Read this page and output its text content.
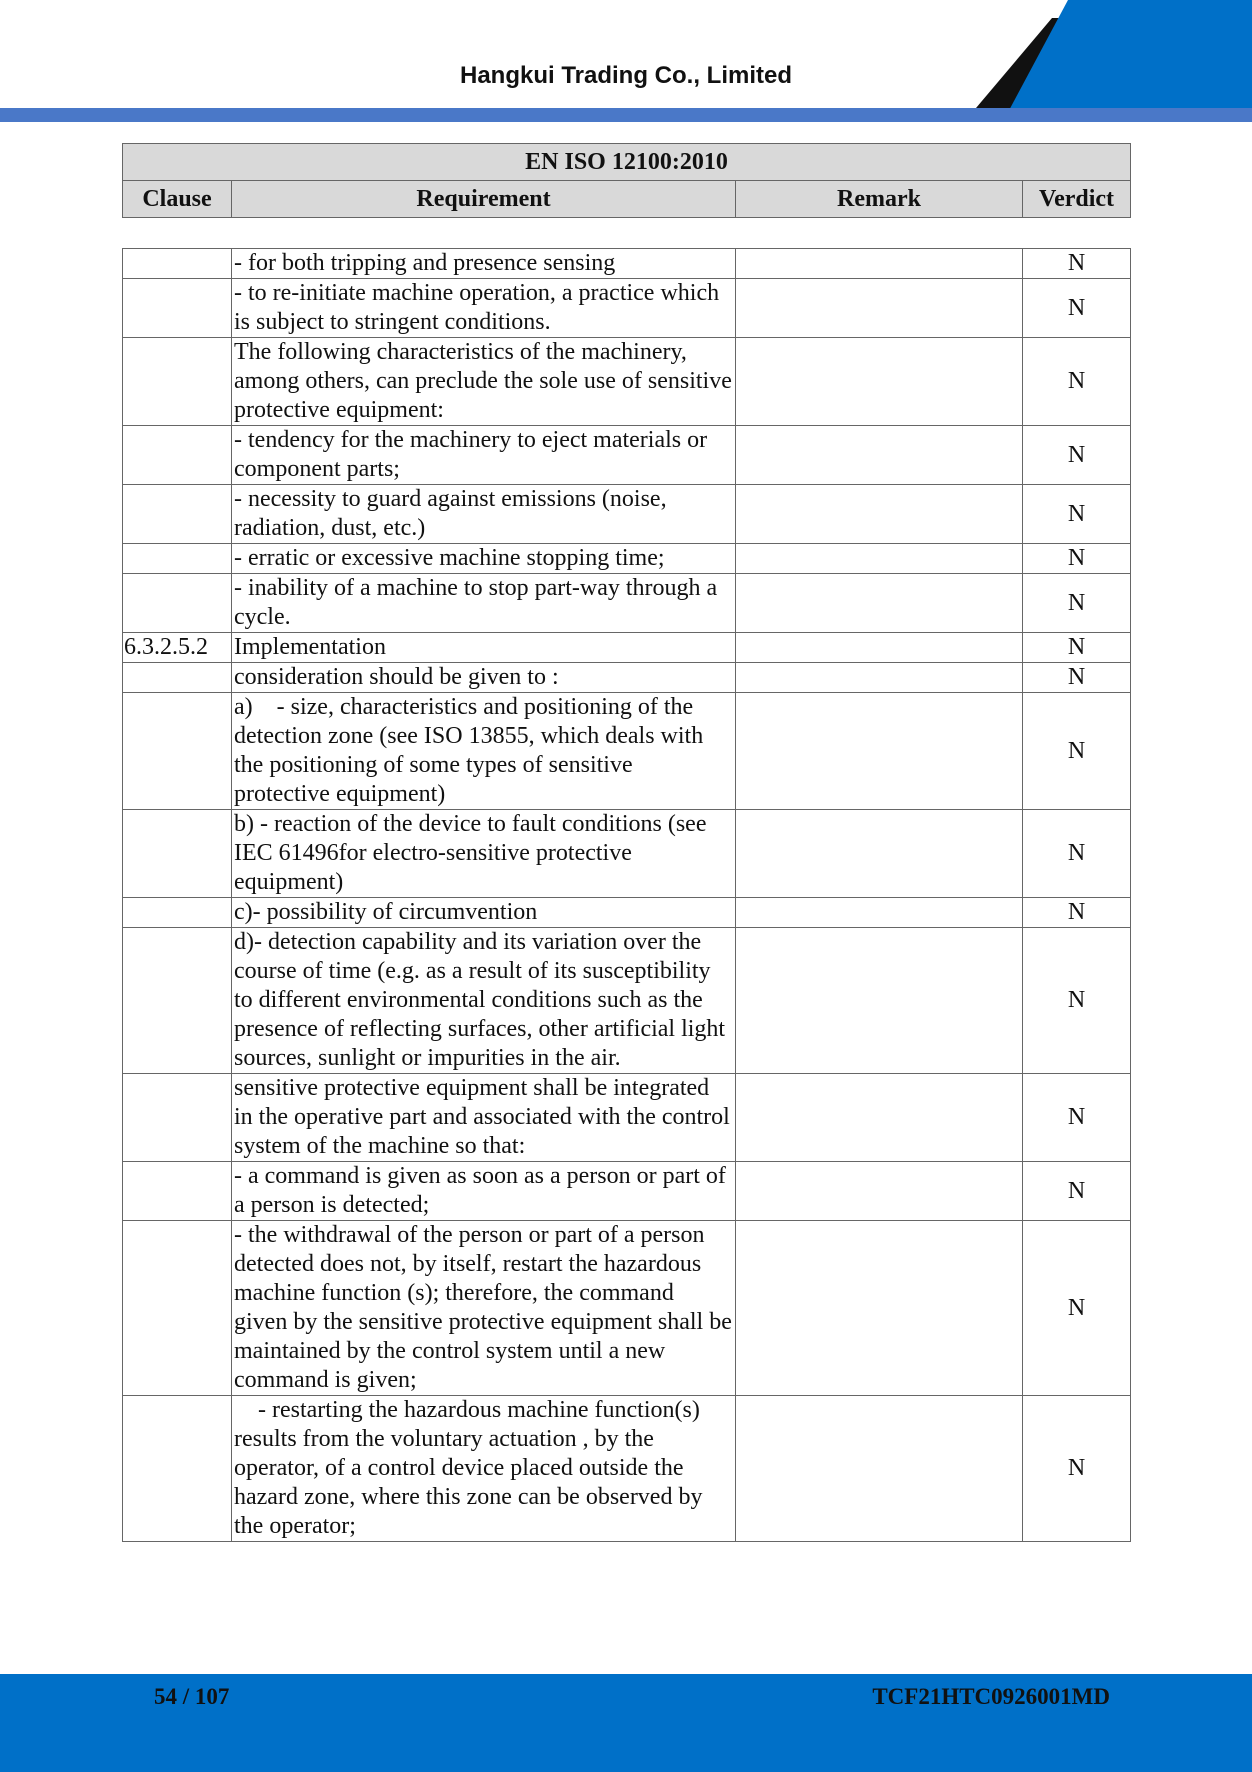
Hangkui Trading Co., Limited
EN ISO 12100:2010
Clause	Requirement	Remark	Verdict
	- for both tripping and presence sensing		N
	- to re-initiate machine operation, a practice which is subject to stringent conditions.		N
	The following characteristics of the machinery, among others, can preclude the sole use of sensitive protective equipment:		N
	- tendency for the machinery to eject materials or component parts;		N
	- necessity to guard against emissions (noise, radiation, dust, etc.)		N
	- erratic or excessive machine stopping time;		N
	- inability of a machine to stop part-way through a cycle.		N
6.3.2.5.2	Implementation		N
	consideration should be given to :		N
	a)    - size, characteristics and positioning of the detection zone (see ISO 13855, which deals with the positioning of some types of sensitive protective equipment)		N
	b) - reaction of the device to fault conditions (see IEC 61496for electro-sensitive protective equipment)		N
	c)- possibility of circumvention		N
	d)- detection capability and its variation over the course of time (e.g. as a result of its susceptibility to different environmental conditions such as the presence of reflecting surfaces, other artificial light sources, sunlight or impurities in the air.		N
	sensitive protective equipment shall be integrated in the operative part and associated with the control system of the machine so that:		N
	- a command is given as soon as a person or part of a person is detected;		N
	- the withdrawal of the person or part of a person detected does not, by itself, restart the hazardous machine function (s); therefore, the command given by the sensitive protective equipment shall be maintained by the control system until a new command is given;		N
	- restarting the hazardous machine function(s) results from the voluntary actuation , by the operator, of a control device placed outside the hazard zone, where this zone can be observed by the operator;		N
54 / 107	TCF21HTC0926001MD
